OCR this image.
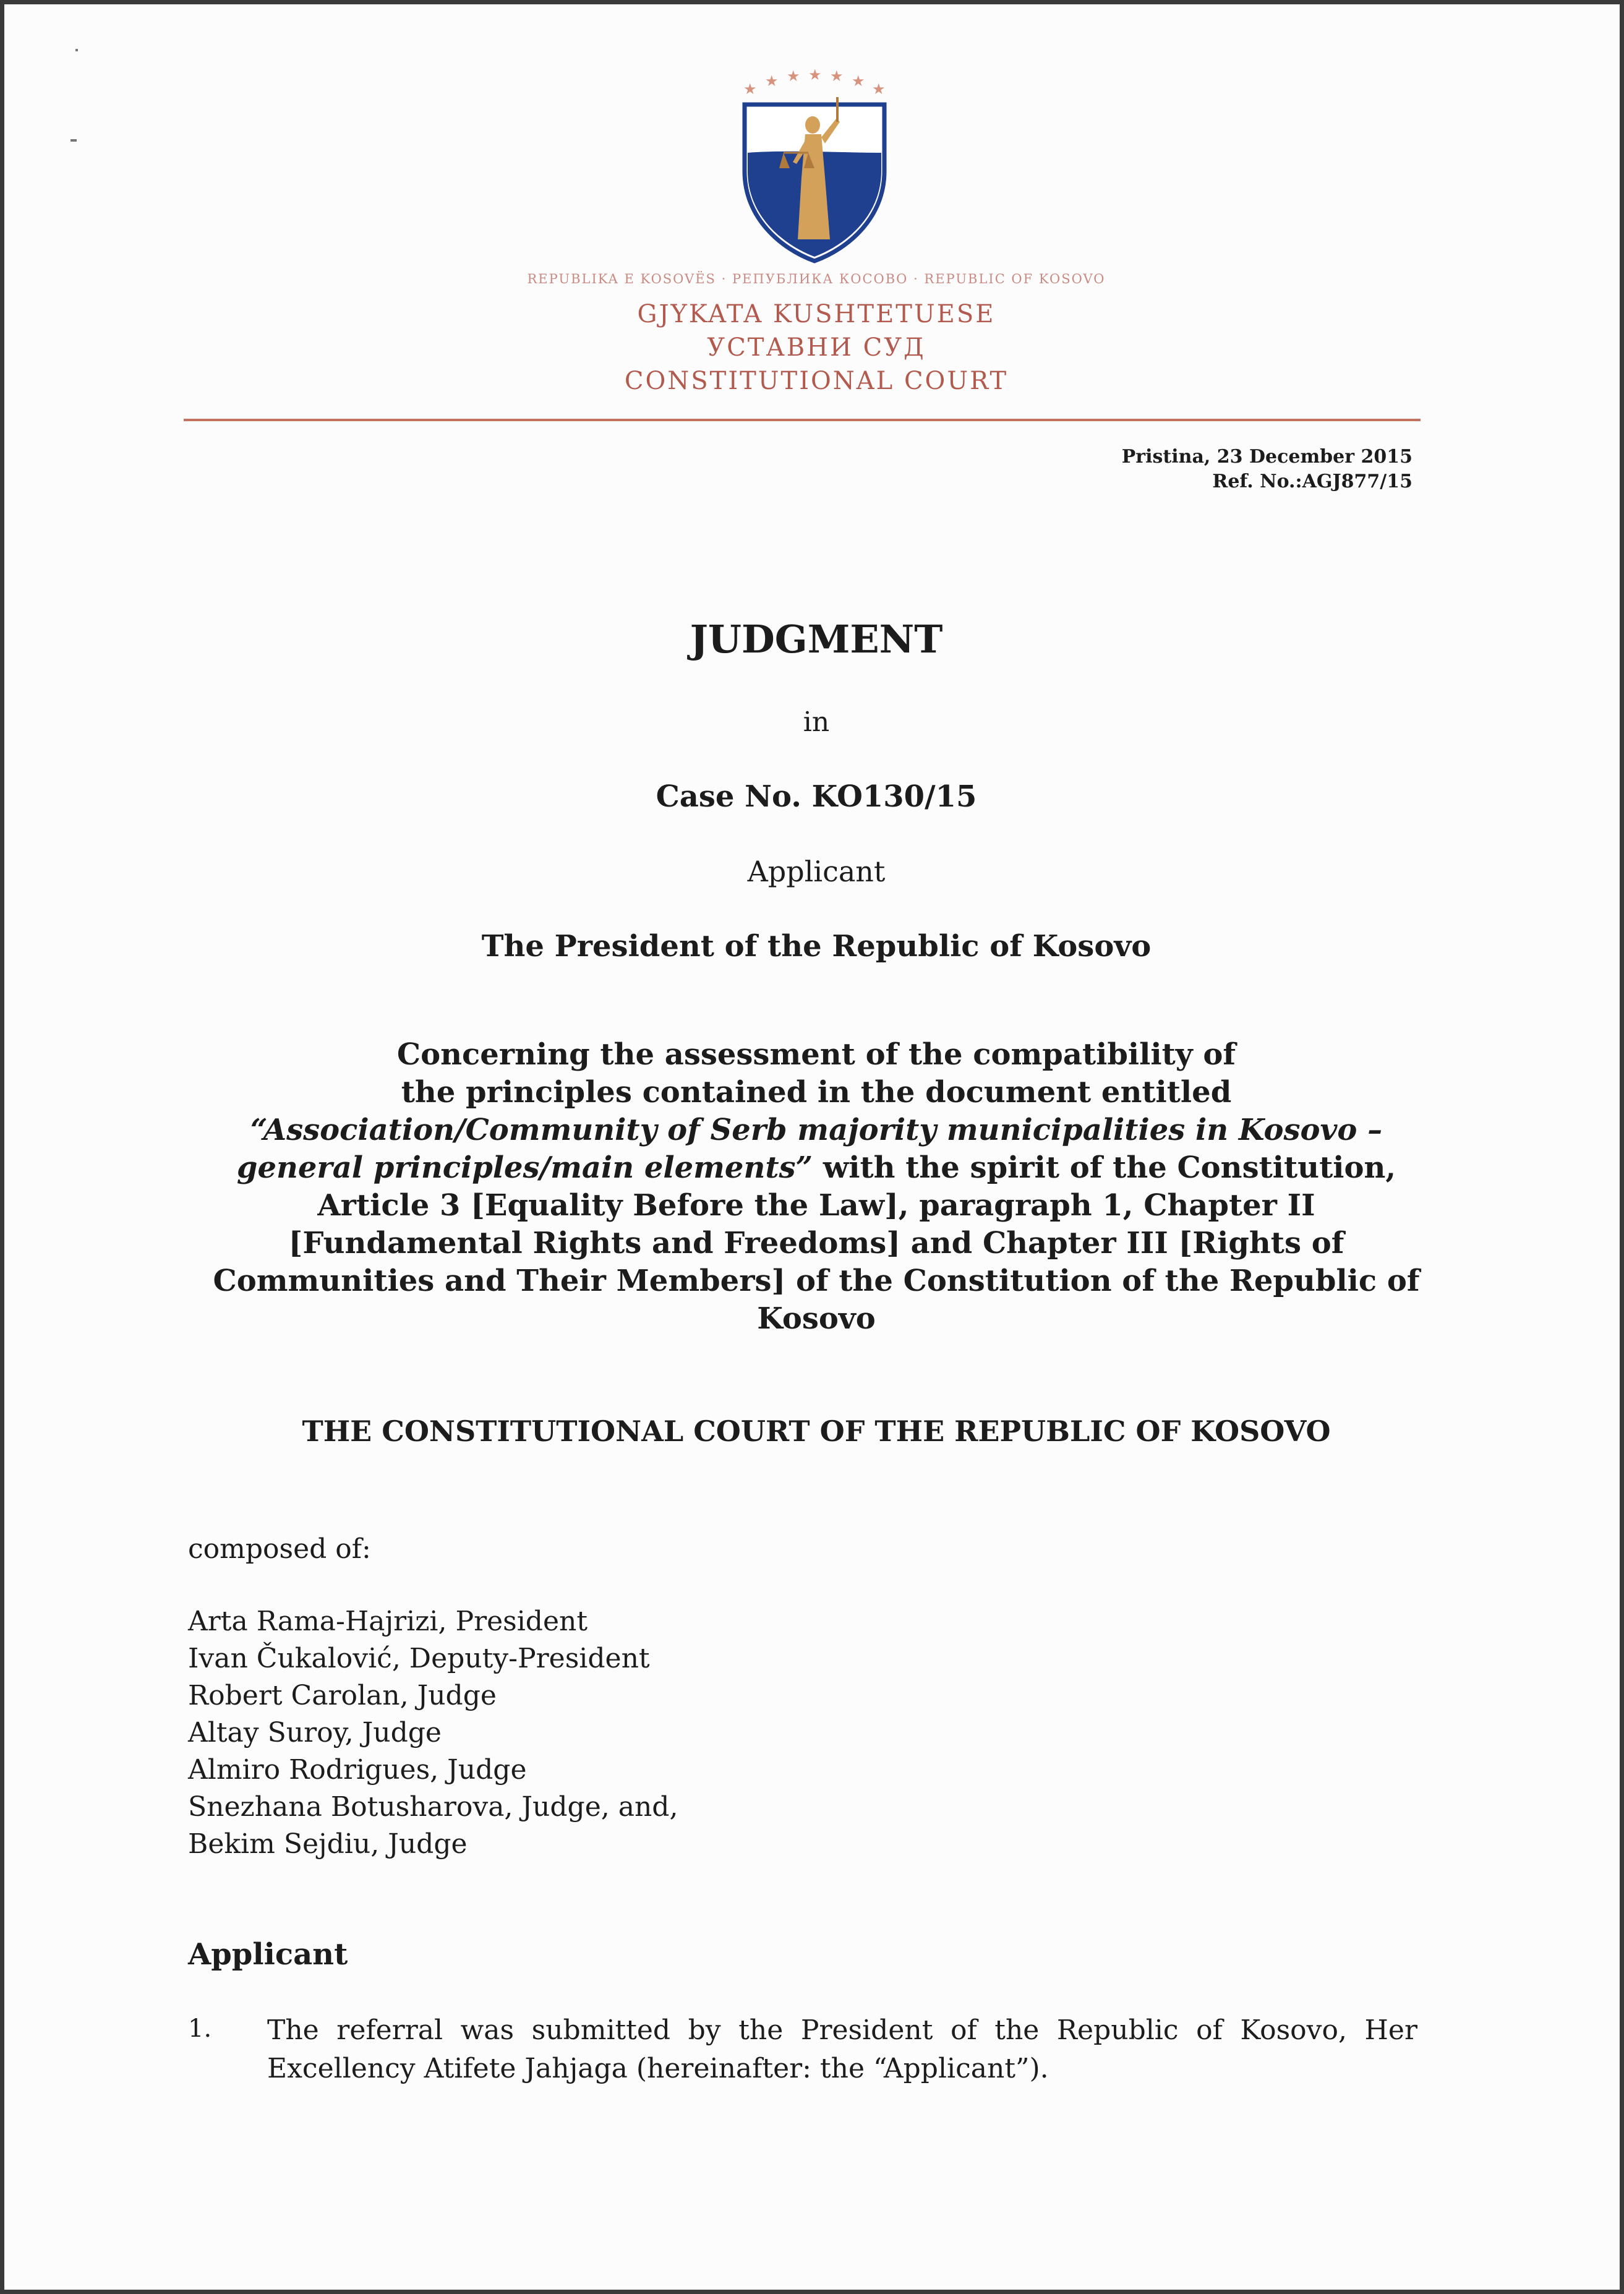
★ ★ ★ ★ ★ ★ ★
REPUBLIKA E KOSOVËS · РЕПУБЛИКА КОСОВО · REPUBLIC OF KOSOVO
GJYKATA KUSHTETUESE
УСТАВНИ СУД
CONSTITUTIONAL COURT
Pristina, 23 December 2015
Ref. No.:AGJ877/15
JUDGMENT
in
Case No. KO130/15
Applicant
The President of the Republic of Kosovo
Concerning the assessment of the compatibility of
the principles contained in the document entitled
“Association/Community of Serb majority municipalities in Kosovo –
general principles/main elements” with the spirit of the Constitution,
Article 3 [Equality Before the Law], paragraph 1, Chapter II
[Fundamental Rights and Freedoms] and Chapter III [Rights of
Communities and Their Members] of the Constitution of the Republic of
Kosovo
THE CONSTITUTIONAL COURT OF THE REPUBLIC OF KOSOVO
composed of:
Arta Rama-Hajrizi, President
Ivan Čukalović, Deputy-President
Robert Carolan, Judge
Altay Suroy, Judge
Almiro Rodrigues, Judge
Snezhana Botusharova, Judge, and,
Bekim Sejdiu, Judge
Applicant
1. The referral was submitted by the President of the Republic of Kosovo, Her Excellency Atifete Jahjaga (hereinafter: the “Applicant”).
